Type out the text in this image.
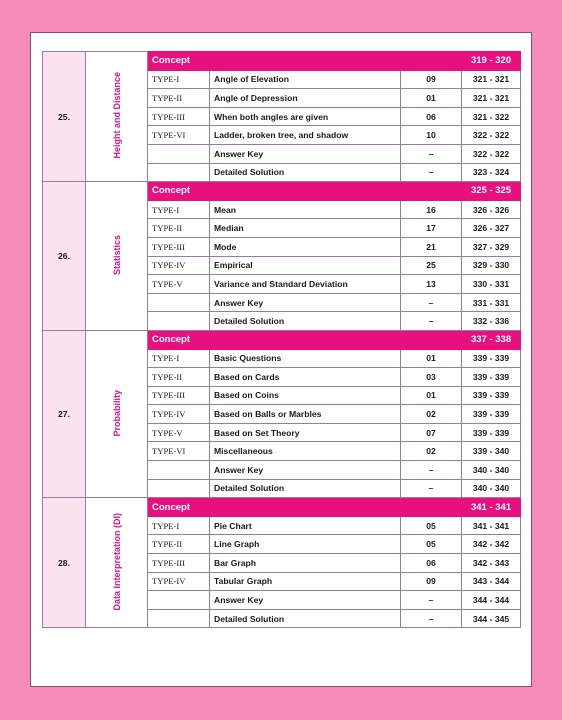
25.	Height and Distance	Concept			319 - 320
		TYPE-I	Angle of Elevation	09	321 - 321
		TYPE-II	Angle of Depression	01	321 - 321
		TYPE-III	When both angles are given	06	321 - 322
		TYPE-VI	Ladder, broken tree, and shadow	10	322 - 322
			Answer Key	–	322 - 322
			Detailed Solution	–	323 - 324
26.	Statistics	Concept			325 - 325
		TYPE-I	Mean	16	326 - 326
		TYPE-II	Median	17	326 - 327
		TYPE-III	Mode	21	327 - 329
		TYPE-IV	Empirical	25	329 - 330
		TYPE-V	Variance and Standard Deviation	13	330 - 331
			Answer Key	–	331 - 331
			Detailed Solution	–	332 - 336
27.	Probability	Concept			337 - 338
		TYPE-I	Basic Questions	01	339 - 339
		TYPE-II	Based on Cards	03	339 - 339
		TYPE-III	Based on Coins	01	339 - 339
		TYPE-IV	Based on Balls or Marbles	02	339 - 339
		TYPE-V	Based on Set Theory	07	339 - 339
		TYPE-VI	Miscellaneous	02	339 - 340
			Answer Key	–	340 - 340
			Detailed Solution	–	340 - 340
28.	Data Interpretation (DI)	Concept			341 - 341
		TYPE-I	Pie Chart	05	341 - 341
		TYPE-II	Line Graph	05	342 - 342
		TYPE-III	Bar Graph	06	342 - 343
		TYPE-IV	Tabular Graph	09	343 - 344
			Answer Key	–	344 - 344
			Detailed Solution	–	344 - 345
